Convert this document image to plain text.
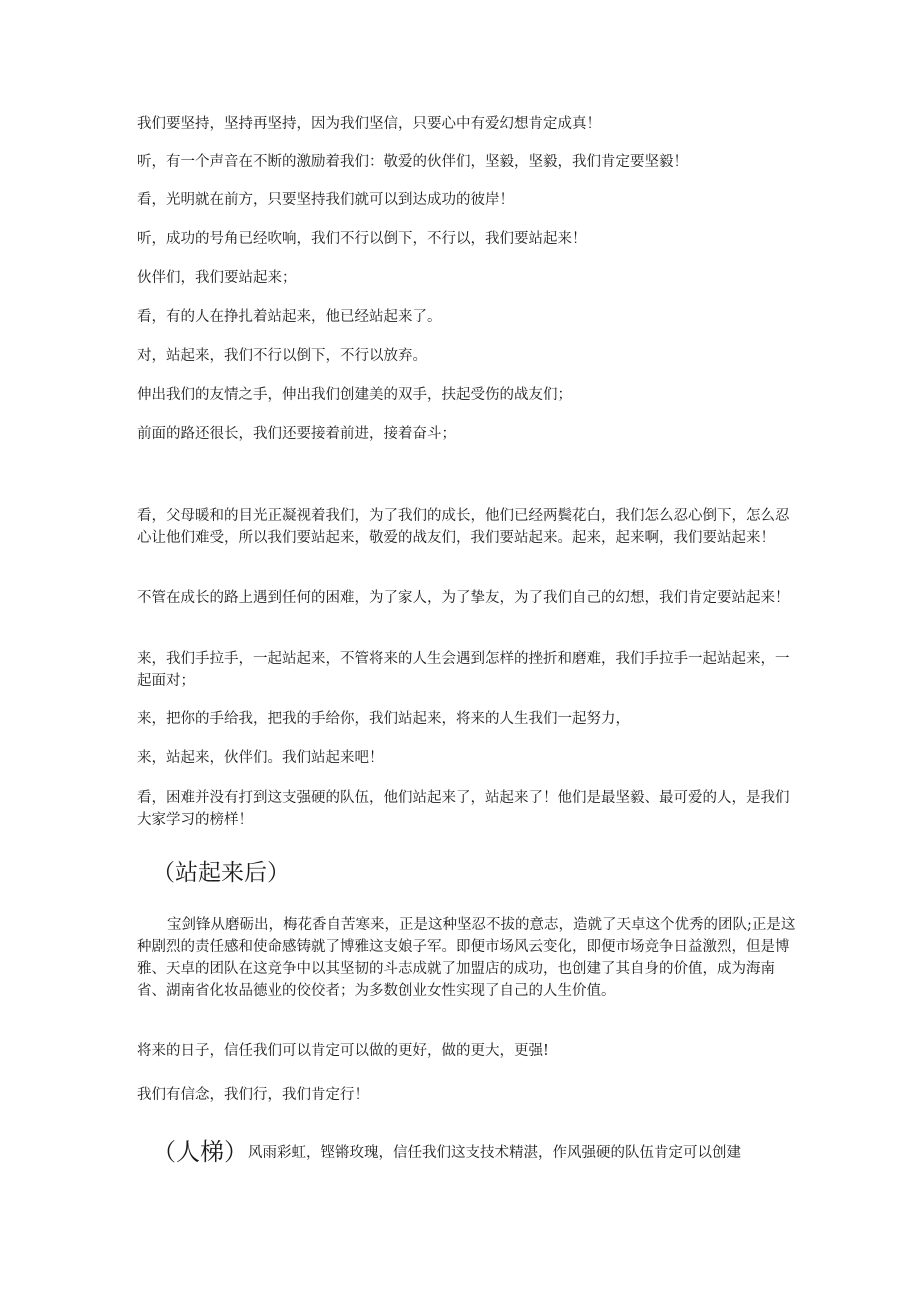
我们要坚持，坚持再坚持，因为我们坚信，只要心中有爱幻想肯定成真！

听，有一个声音在不断的激励着我们：敬爱的伙伴们，坚毅，坚毅，我们肯定要坚毅！

看，光明就在前方，只要坚持我们就可以到达成功的彼岸！

听，成功的号角已经吹响，我们不行以倒下，不行以，我们要站起来！

伙伴们，我们要站起来；

看，有的人在挣扎着站起来，他已经站起来了。

对，站起来，我们不行以倒下，不行以放弃。

伸出我们的友情之手，伸出我们创建美的双手，扶起受伤的战友们；

前面的路还很长，我们还要接着前进，接着奋斗；

看，父母暖和的目光正凝视着我们，为了我们的成长，他们已经两鬓花白，我们怎么忍心倒下，怎么忍心让他们难受，所以我们要站起来，敬爱的战友们，我们要站起来。起来，起来啊，我们要站起来！

不管在成长的路上遇到任何的困难，为了家人，为了挚友，为了我们自己的幻想，我们肯定要站起来！

来，我们手拉手，一起站起来，不管将来的人生会遇到怎样的挫折和磨难，我们手拉手一起站起来，一起面对；

来，把你的手给我，把我的手给你，我们站起来，将来的人生我们一起努力，

来，站起来，伙伴们。我们站起来吧！

看，困难并没有打到这支强硬的队伍，他们站起来了，站起来了！他们是最坚毅、最可爱的人，是我们大家学习的榜样！

（站起来后）

宝剑锋从磨砺出，梅花香自苦寒来，正是这种坚忍不拔的意志，造就了天卓这个优秀的团队;正是这种剧烈的责任感和使命感铸就了博雅这支娘子军。即便市场风云变化，即便市场竞争日益激烈，但是博雅、天卓的团队在这竞争中以其坚韧的斗志成就了加盟店的成功，也创建了其自身的价值，成为海南省、湖南省化妆品德业的佼佼者；为多数创业女性实现了自己的人生价值。

将来的日子，信任我们可以肯定可以做的更好，做的更大，更强!

我们有信念，我们行，我们肯定行！

（人梯）风雨彩虹，铿锵玫瑰，信任我们这支技术精湛，作风强硬的队伍肯定可以创建
